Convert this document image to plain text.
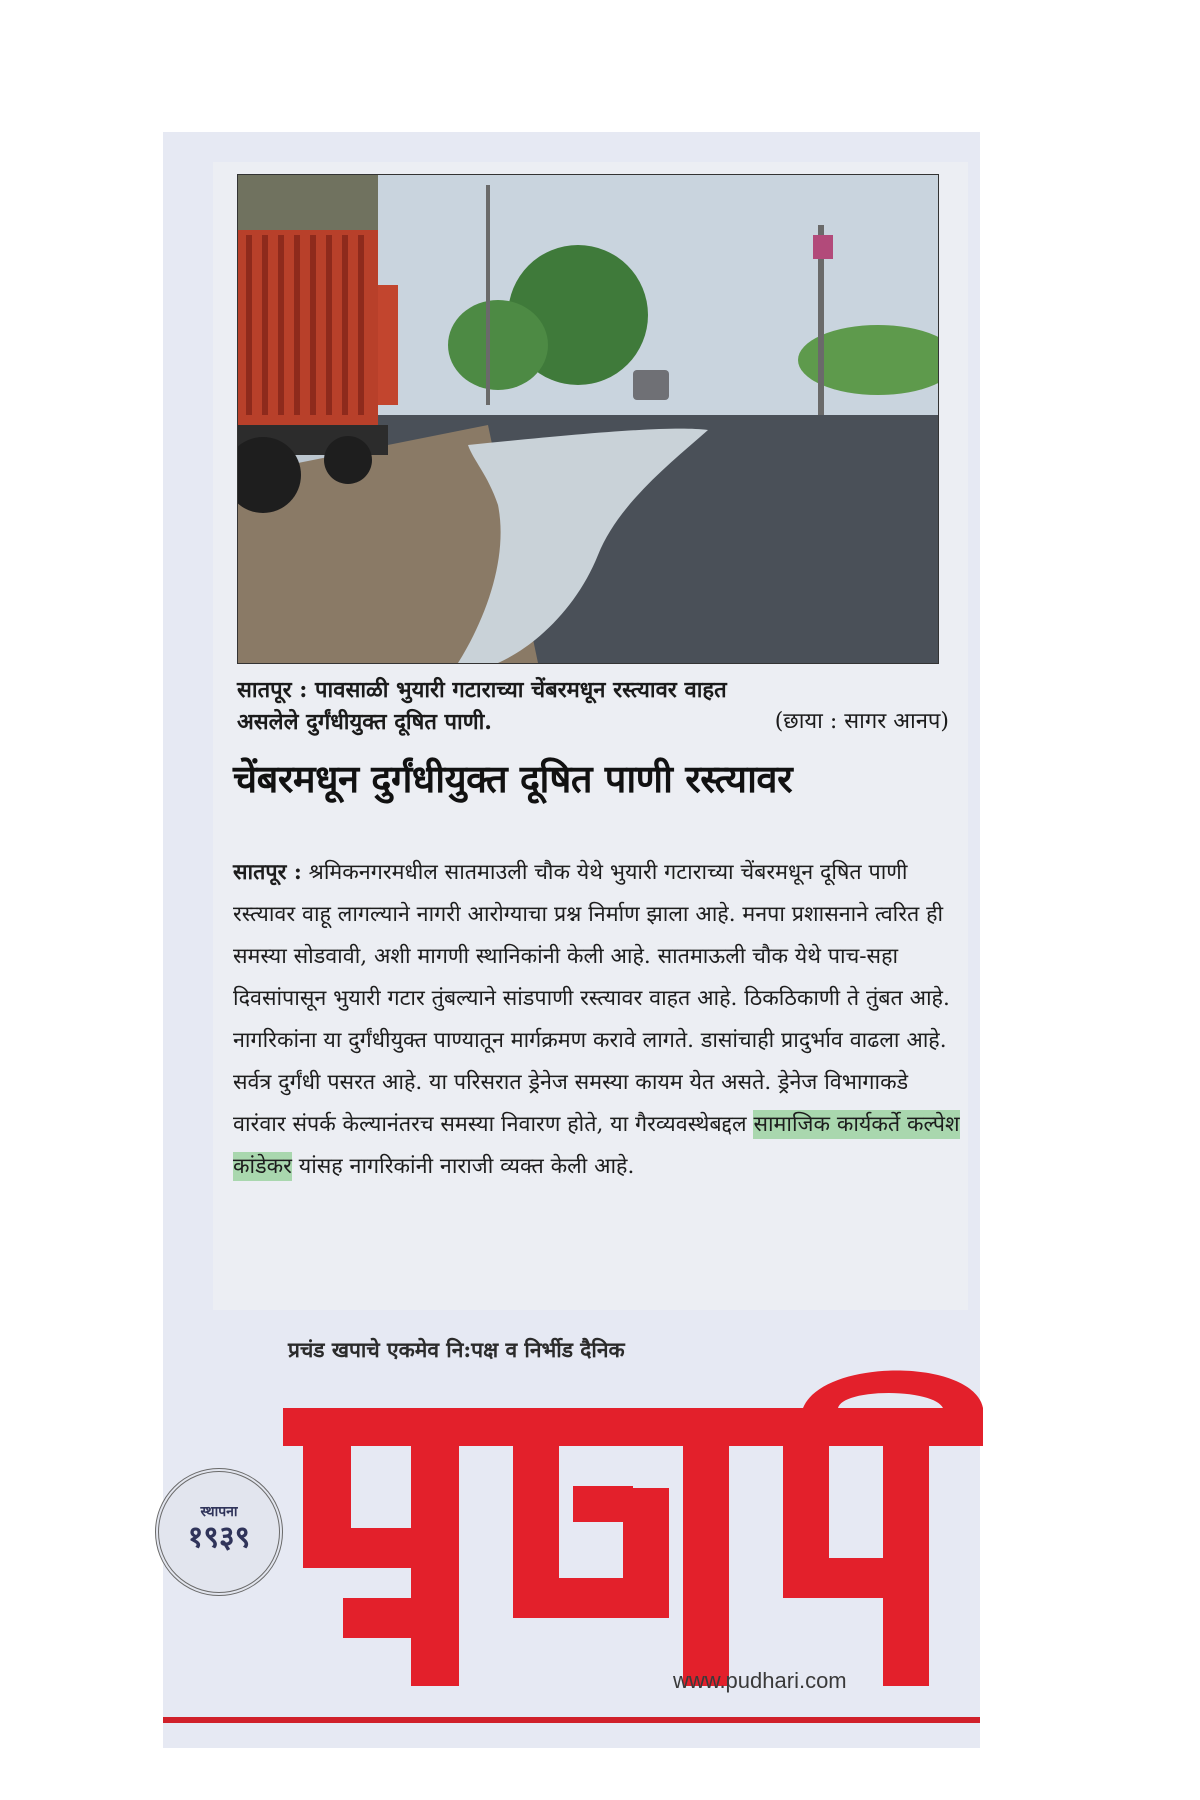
सातपूर : पावसाळी भुयारी गटाराच्या चेंबरमधून रस्त्यावर वाहत
असलेले दुर्गंधीयुक्त दूषित पाणी.	(छाया : सागर आनप)
चेंबरमधून दुर्गंधीयुक्त दूषित पाणी रस्त्यावर
सातपूर : श्रमिकनगरमधील सातमाउली चौक येथे भुयारी गटाराच्या चेंबरमधून दूषित पाणी रस्त्यावर वाहू लागल्याने नागरी आरोग्याचा प्रश्न निर्माण झाला आहे. मनपा प्रशासनाने त्वरित ही समस्या सोडवावी, अशी मागणी स्थानिकांनी केली आहे. सातमाऊली चौक येथे पाच-सहा दिवसांपासून भुयारी गटार तुंबल्याने सांडपाणी रस्त्यावर वाहत आहे. ठिकठिकाणी ते तुंबत आहे. नागरिकांना या दुर्गंधीयुक्त पाण्यातून मार्गक्रमण करावे लागते. डासांचाही प्रादुर्भाव वाढला आहे. सर्वत्र दुर्गंधी पसरत आहे. या परिसरात ड्रेनेज समस्या कायम येत असते. ड्रेनेज विभागाकडे वारंवार संपर्क केल्यानंतरच समस्या निवारण होते, या गैरव्यवस्थेबद्दल सामाजिक कार्यकर्ते कल्पेश कांडेकर यांसह नागरिकांनी नाराजी व्यक्त केली आहे.
प्रचंड खपाचे एकमेव नि:पक्ष व निर्भीड दैनिक
स्थापना
१९३९
www.pudhari.com
